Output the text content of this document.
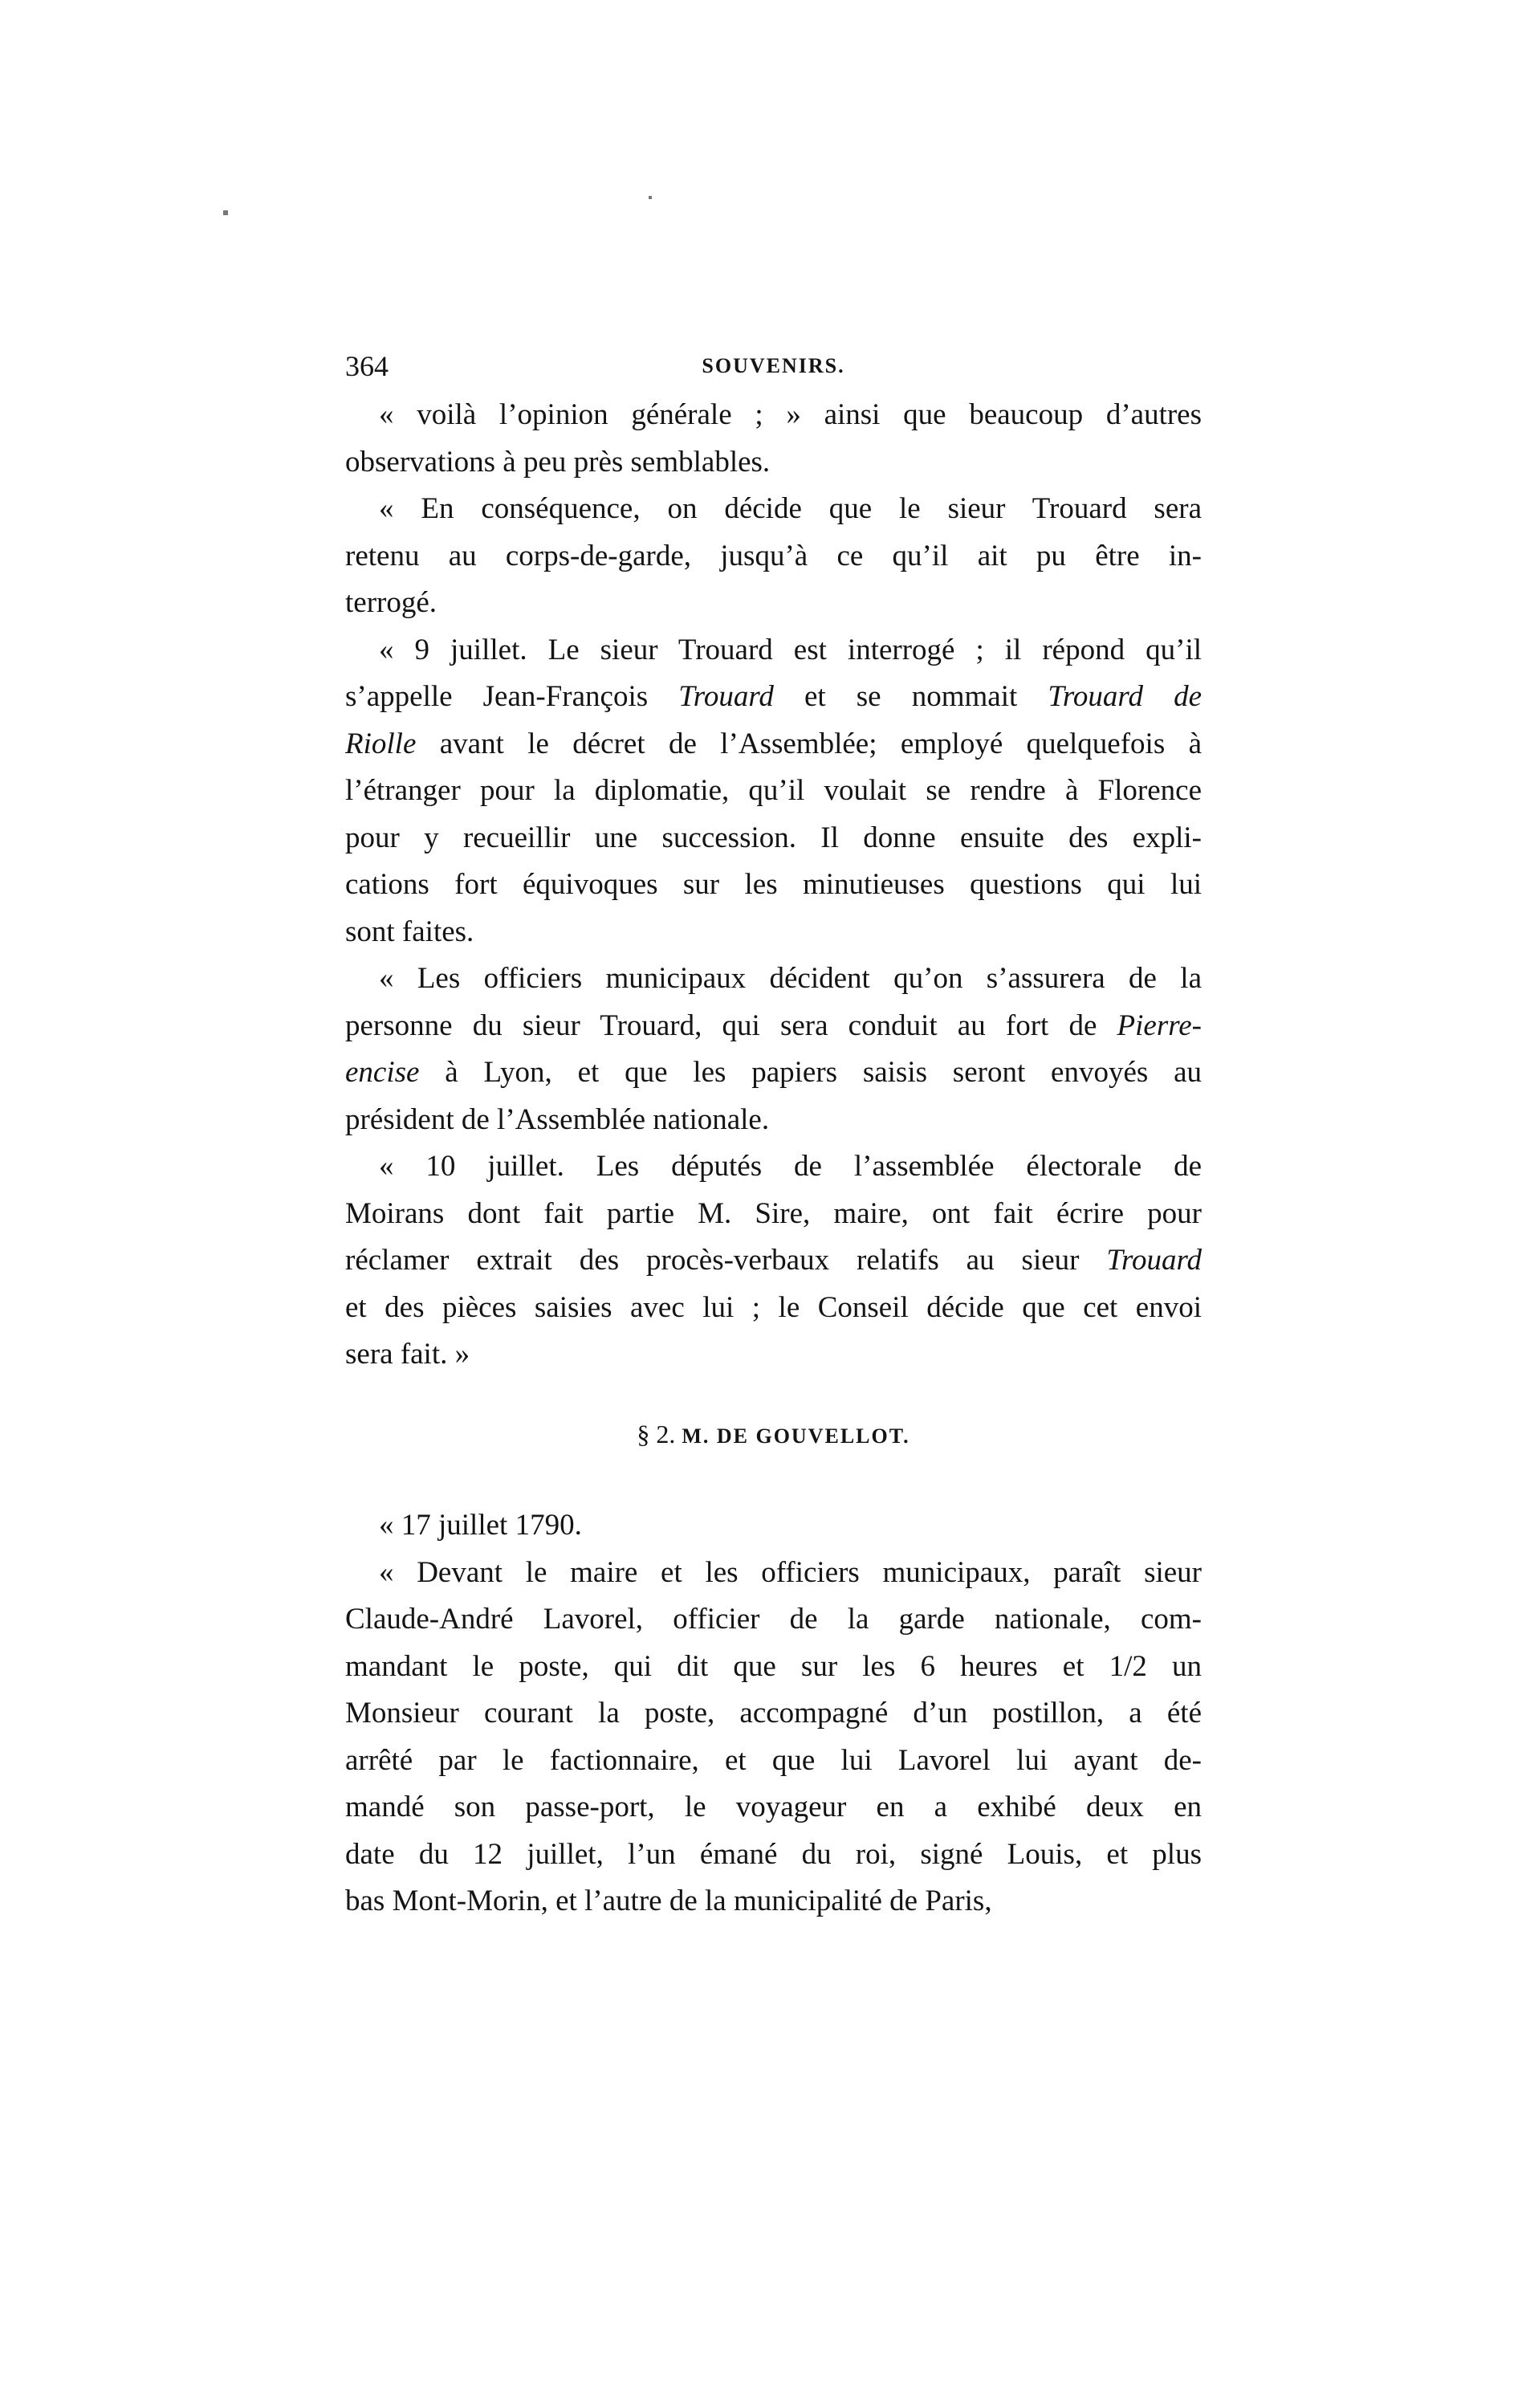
364	SOUVENIRS.
« voilà l’opinion générale ; » ainsi que beaucoup d’autres
observations à peu près semblables.
« En conséquence, on décide que le sieur Trouard sera
retenu au corps-de-garde, jusqu’à ce qu’il ait pu être in-
terrogé.
« 9 juillet. Le sieur Trouard est interrogé ; il répond qu’il
s’appelle Jean-François Trouard et se nommait Trouard de
Riolle avant le décret de l’Assemblée; employé quelquefois à
l’étranger pour la diplomatie, qu’il voulait se rendre à Florence
pour y recueillir une succession. Il donne ensuite des expli-
cations fort équivoques sur les minutieuses questions qui lui
sont faites.
« Les officiers municipaux décident qu’on s’assurera de la
personne du sieur Trouard, qui sera conduit au fort de Pierre-
encise à Lyon, et que les papiers saisis seront envoyés au
président de l’Assemblée nationale.
« 10 juillet. Les députés de l’assemblée électorale de
Moirans dont fait partie M. Sire, maire, ont fait écrire pour
réclamer extrait des procès-verbaux relatifs au sieur Trouard
et des pièces saisies avec lui ; le Conseil décide que cet envoi
sera fait. »
§ 2. M. DE GOUVELLOT.
« 17 juillet 1790.
« Devant le maire et les officiers municipaux, paraît sieur
Claude-André Lavorel, officier de la garde nationale, com-
mandant le poste, qui dit que sur les 6 heures et 1/2 un
Monsieur courant la poste, accompagné d’un postillon, a été
arrêté par le factionnaire, et que lui Lavorel lui ayant de-
mandé son passe-port, le voyageur en a exhibé deux en
date du 12 juillet, l’un émané du roi, signé Louis, et plus
bas Mont-Morin, et l’autre de la municipalité de Paris,
